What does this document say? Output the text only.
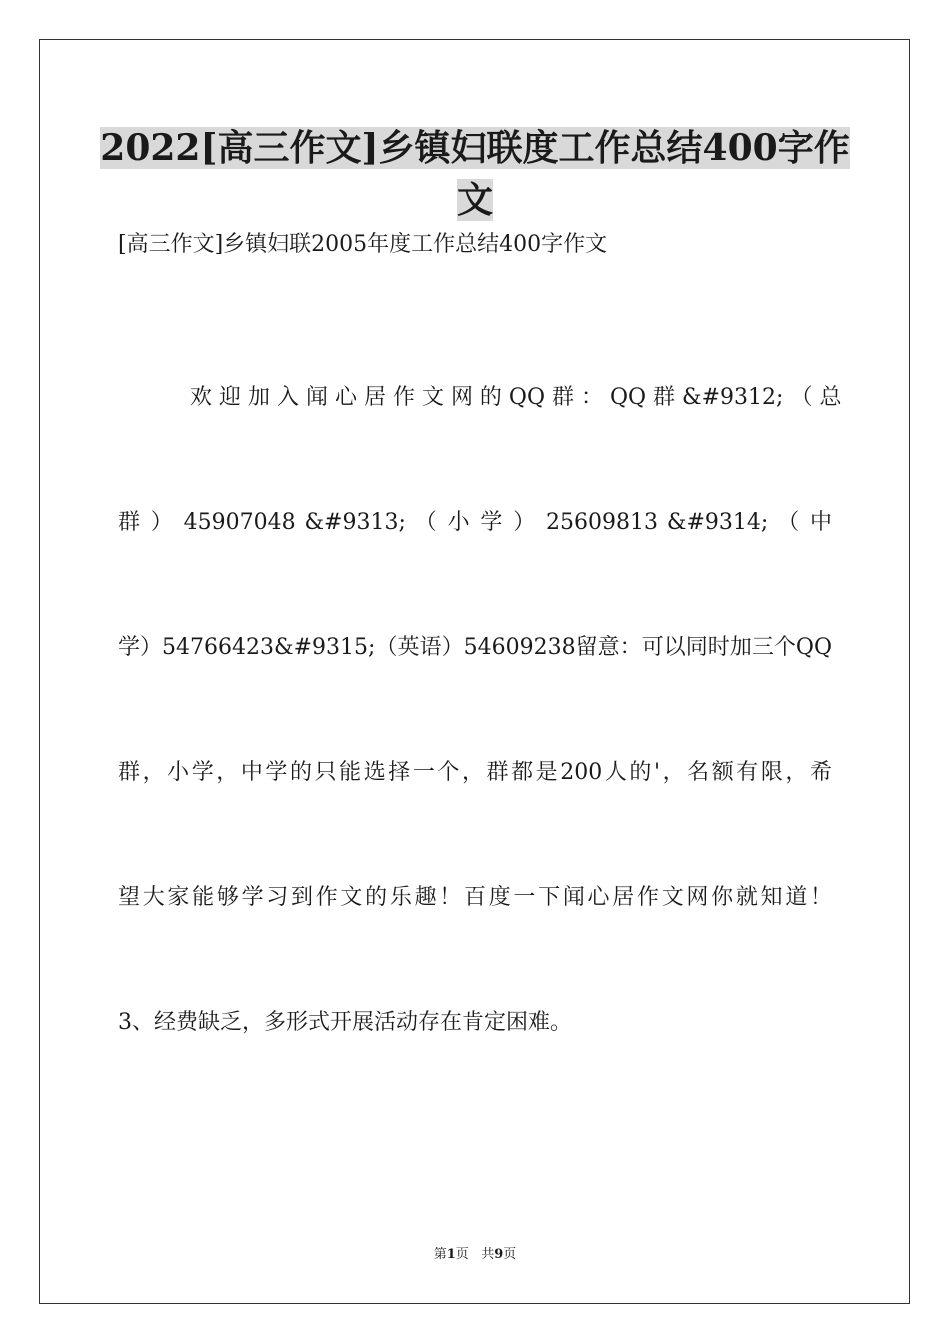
2022[高三作文]乡镇妇联度工作总结400字作
文
[高三作文]乡镇妇联2005年度工作总结400字作文
欢 迎 加 入 闻 心 居 作 文 网 的 QQ 群 ： QQ 群 &#9312; （ 总
群 ） 45907048 &#9313; （ 小 学 ） 25609813 &#9314; （ 中
学）54766423&#9315;（英语）54609238留意：可以同时加三个QQ
群，小学，中学的只能选择一个，群都是200人的'，名额有限，希
望大家能够学习到作文的乐趣！百度一下闻心居作文网你就知道！
3、经费缺乏，多形式开展活动存在肯定困难。
第1页 共9页
